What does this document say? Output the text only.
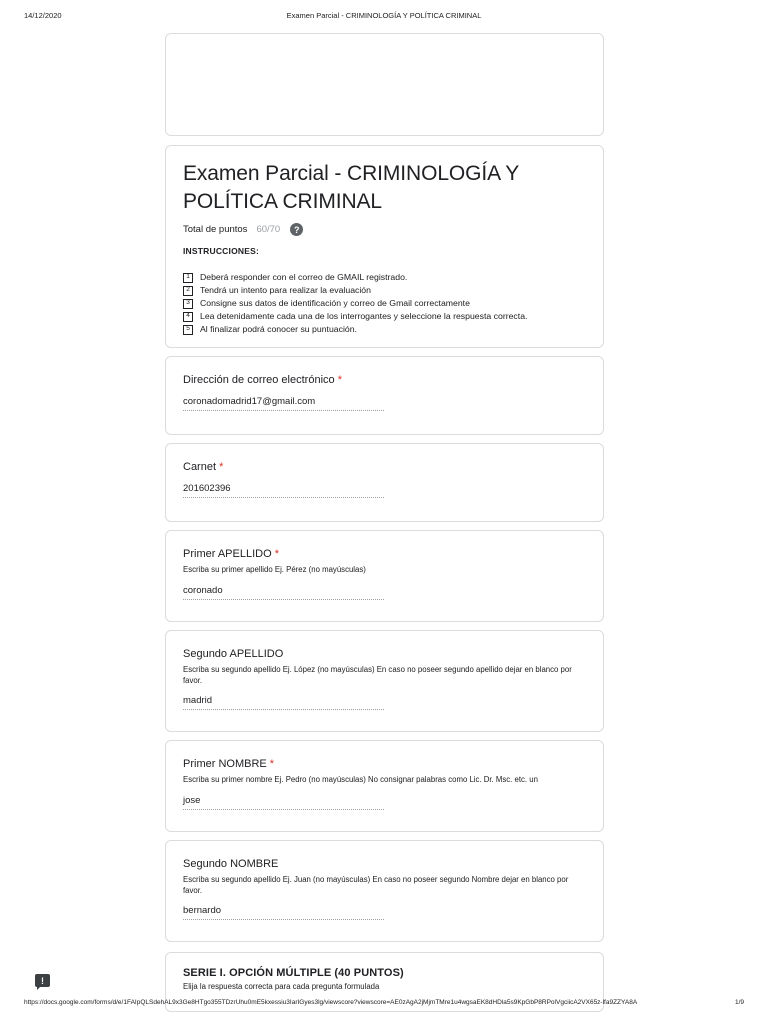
14/12/2020	Examen Parcial - CRIMINOLOGÍA Y POLÍTICA CRIMINAL
Examen Parcial - CRIMINOLOGÍA Y POLÍTICA CRIMINAL
Total de puntos 60/70	?
INSTRUCCIONES:
1	Deberá responder con el correo de GMAIL registrado.
2	Tendrá un intento para realizar la evaluación
3	Consigne sus datos de identificación y correo de Gmail correctamente
4	Lea detenidamente cada una de los interrogantes y seleccione la respuesta correcta.
5	Al finalizar podrá conocer su puntuación.
Dirección de correo electrónico *
coronadomadrid17@gmail.com
Carnet *
201602396
Primer APELLIDO *
Escriba su primer apellido Ej. Pérez (no mayúsculas)
coronado
Segundo APELLIDO
Escriba su segundo apellido Ej. López (no mayúsculas) En caso no poseer segundo apellido dejar en blanco por favor.
madrid
Primer NOMBRE *
Escriba su primer nombre Ej. Pedro (no mayúsculas) No consignar palabras como Lic. Dr. Msc. etc. un
jose
Segundo NOMBRE
Escriba su segundo apellido Ej. Juan (no mayúsculas) En caso no poseer segundo Nombre dejar en blanco por favor.
bernardo
SERIE I. OPCIÓN MÚLTIPLE (40 PUNTOS)
Elija la respuesta correcta para cada pregunta formulada
!
https://docs.google.com/forms/d/e/1FAIpQLSdehAL9x3Ge8HTgo355TDzrUhu0mE5kxessiu3IarIGyes3lg/viewscore?viewscore=AE0zAgA2jMjmTMre1u4wgsaEK8dHDla5s9KpGbP8RPolVgciicA2VX65z-lfa9ZZYA8A	1/9
